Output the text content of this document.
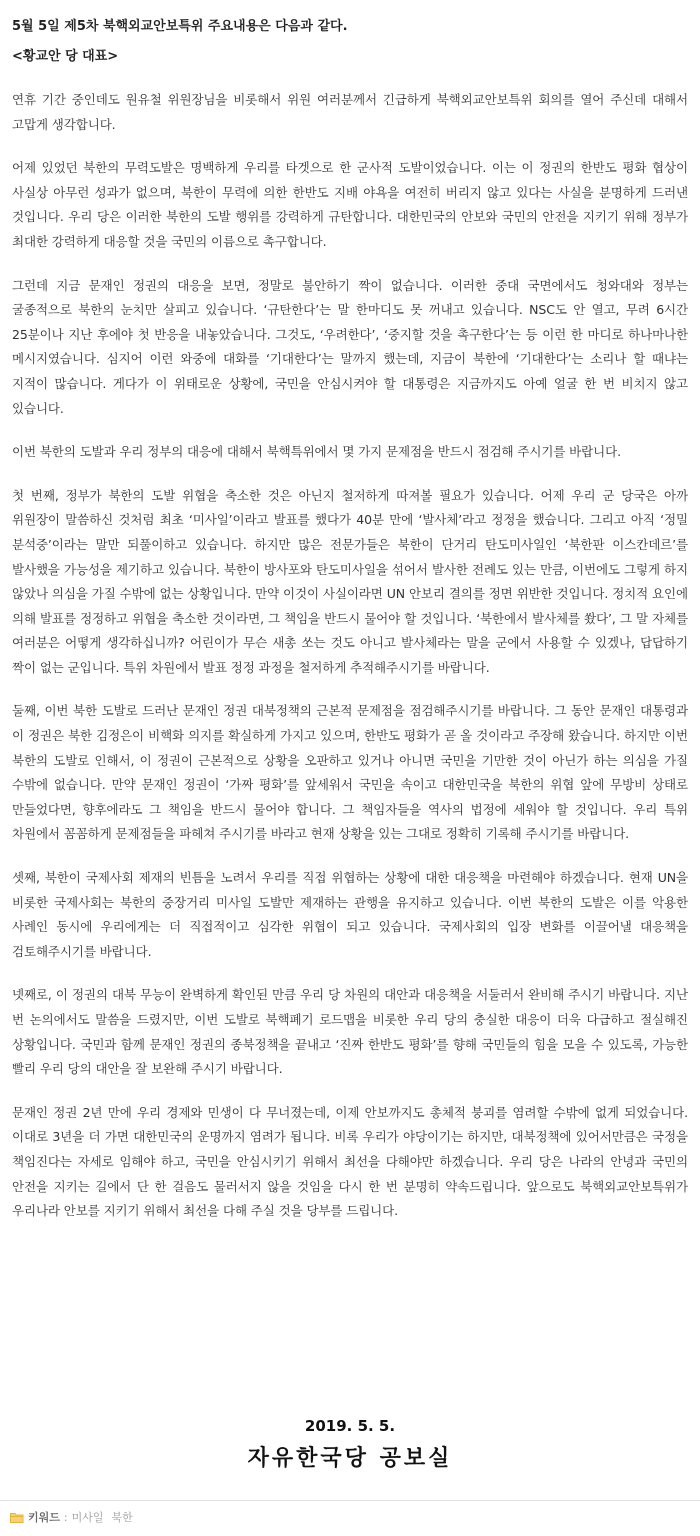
5월 5일 제5차 북핵외교안보특위 주요내용은 다음과 같다.

<황교안 당 대표>

연휴 기간 중인데도 원유철 위원장님을 비롯해서 위원 여러분께서 긴급하게 북핵외교안보특위 회의를 열어 주신데 대해서 고맙게 생각합니다.

어제 있었던 북한의 무력도발은 명백하게 우리를 타겟으로 한 군사적 도발이었습니다. 이는 이 정권의 한반도 평화 협상이 사실상 아무런 성과가 없으며, 북한이 무력에 의한 한반도 지배 야욕을 여전히 버리지 않고 있다는 사실을 분명하게 드러낸 것입니다. 우리 당은 이러한 북한의 도발 행위를 강력하게 규탄합니다. 대한민국의 안보와 국민의 안전을 지키기 위해 정부가 최대한 강력하게 대응할 것을 국민의 이름으로 촉구합니다.

그런데 지금 문재인 정권의 대응을 보면, 정말로 불안하기 짝이 없습니다. 이러한 중대 국면에서도 청와대와 정부는 굴종적으로 북한의 눈치만 살피고 있습니다. ‘규탄한다’는 말 한마디도 못 꺼내고 있습니다. NSC도 안 열고, 무려 6시간 25분이나 지난 후에야 첫 반응을 내놓았습니다. 그것도, ‘우려한다’, ‘중지할 것을 촉구한다’는 등 이런 한 마디로 하나마나한 메시지였습니다. 심지어 이런 와중에 대화를 ‘기대한다’는 말까지 했는데, 지금이 북한에 ‘기대한다’는 소리나 할 때냐는 지적이 많습니다. 게다가 이 위태로운 상황에, 국민을 안심시켜야 할 대통령은 지금까지도 아예 얼굴 한 번 비치지 않고 있습니다.

이번 북한의 도발과 우리 정부의 대응에 대해서 북핵특위에서 몇 가지 문제점을 반드시 점검해 주시기를 바랍니다.

첫 번째, 정부가 북한의 도발 위협을 축소한 것은 아닌지 철저하게 따져볼 필요가 있습니다. 어제 우리 군 당국은 아까 위원장이 말씀하신 것처럼 최초 ‘미사일’이라고 발표를 했다가 40분 만에 ‘발사체’라고 정정을 했습니다. 그리고 아직 ‘정밀 분석중’이라는 말만 되풀이하고 있습니다. 하지만 많은 전문가들은 북한이 단거리 탄도미사일인 ‘북한판 이스칸데르’를 발사했을 가능성을 제기하고 있습니다. 북한이 방사포와 탄도미사일을 섞어서 발사한 전례도 있는 만큼, 이번에도 그렇게 하지 않았나 의심을 가질 수밖에 없는 상황입니다. 만약 이것이 사실이라면 UN 안보리 결의를 정면 위반한 것입니다. 정치적 요인에 의해 발표를 정정하고 위협을 축소한 것이라면, 그 책임을 반드시 물어야 할 것입니다. ‘북한에서 발사체를 쐈다’, 그 말 자체를 여러분은 어떻게 생각하십니까? 어린이가 무슨 새총 쏘는 것도 아니고 발사체라는 말을 군에서 사용할 수 있겠나, 답답하기 짝이 없는 군입니다. 특위 차원에서 발표 정정 과정을 철저하게 추적해주시기를 바랍니다.

둘째, 이번 북한 도발로 드러난 문재인 정권 대북정책의 근본적 문제점을 점검해주시기를 바랍니다. 그 동안 문재인 대통령과 이 정권은 북한 김정은이 비핵화 의지를 확실하게 가지고 있으며, 한반도 평화가 곧 올 것이라고 주장해 왔습니다. 하지만 이번 북한의 도발로 인해서, 이 정권이 근본적으로 상황을 오판하고 있거나 아니면 국민을 기만한 것이 아닌가 하는 의심을 가질 수밖에 없습니다. 만약 문재인 정권이 ‘가짜 평화’를 앞세워서 국민을 속이고 대한민국을 북한의 위협 앞에 무방비 상태로 만들었다면, 향후에라도 그 책임을 반드시 물어야 합니다. 그 책임자들을 역사의 법정에 세워야 할 것입니다. 우리 특위 차원에서 꼼꼼하게 문제점들을 파헤쳐 주시기를 바라고 현재 상황을 있는 그대로 정확히 기록해 주시기를 바랍니다.

셋째, 북한이 국제사회 제재의 빈틈을 노려서 우리를 직접 위협하는 상황에 대한 대응책을 마련해야 하겠습니다. 현재 UN을 비롯한 국제사회는 북한의 중장거리 미사일 도발만 제재하는 관행을 유지하고 있습니다. 이번 북한의 도발은 이를 악용한 사례인 동시에 우리에게는 더 직접적이고 심각한 위협이 되고 있습니다. 국제사회의 입장 변화를 이끌어낼 대응책을 검토해주시기를 바랍니다.

넷째로, 이 정권의 대북 무능이 완벽하게 확인된 만큼 우리 당 차원의 대안과 대응책을 서둘러서 완비해 주시기 바랍니다. 지난 번 논의에서도 말씀을 드렸지만, 이번 도발로 북핵폐기 로드맵을 비롯한 우리 당의 충실한 대응이 더욱 다급하고 절실해진 상황입니다. 국민과 함께 문재인 정권의 종북정책을 끝내고 ‘진짜 한반도 평화’를 향해 국민들의 힘을 모을 수 있도록, 가능한 빨리 우리 당의 대안을 잘 보완해 주시기 바랍니다.

문재인 정권 2년 만에 우리 경제와 민생이 다 무너졌는데, 이제 안보까지도 총체적 붕괴를 염려할 수밖에 없게 되었습니다. 이대로 3년을 더 가면 대한민국의 운명까지 염려가 됩니다. 비록 우리가 야당이기는 하지만, 대북정책에 있어서만큼은 국정을 책임진다는 자세로 임해야 하고, 국민을 안심시키기 위해서 최선을 다해야만 하겠습니다. 우리 당은 나라의 안녕과 국민의 안전을 지키는 길에서 단 한 걸음도 물러서지 않을 것임을 다시 한 번 분명히 약속드립니다. 앞으로도 북핵외교안보특위가 우리나라 안보를 지키기 위해서 최선을 다해 주실 것을 당부를 드립니다.

2019. 5. 5.
자유한국당 공보실
키워드 : 미사일 북한
